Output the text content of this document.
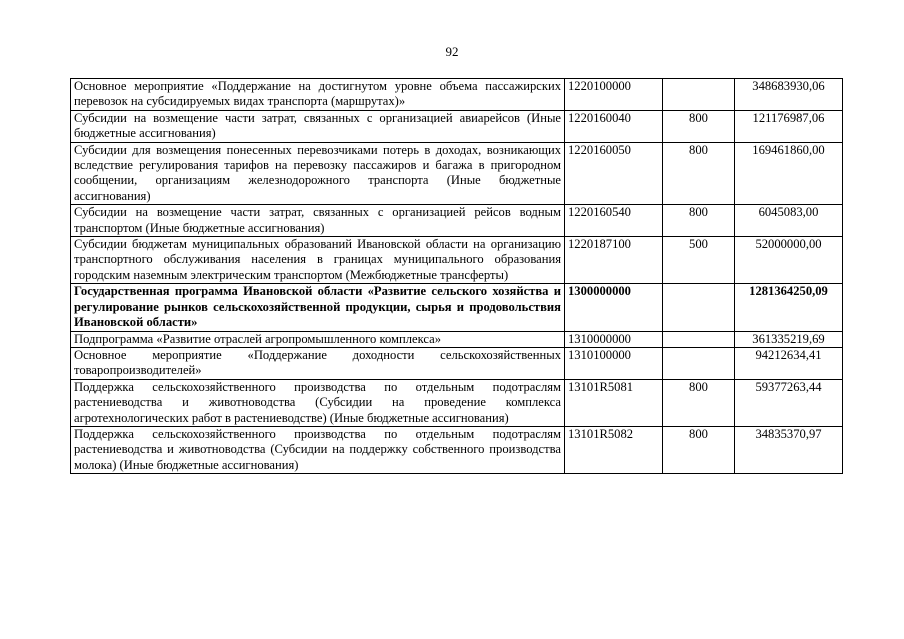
92
Основное мероприятие «Поддержание на достигнутом уровне объема пассажирских перевозок на субсидируемых видах транспорта (маршрутах)»	1220100000		348683930,06
Субсидии на возмещение части затрат, связанных с организацией авиарейсов (Иные бюджетные ассигнования)	1220160040	800	121176987,06
Субсидии для возмещения понесенных перевозчиками потерь в доходах, возникающих вследствие регулирования тарифов на перевозку пассажиров и багажа в пригородном сообщении, организациям железнодорожного транспорта (Иные бюджетные ассигнования)	1220160050	800	169461860,00
Субсидии на возмещение части затрат, связанных с организацией рейсов водным транспортом (Иные бюджетные ассигнования)	1220160540	800	6045083,00
Субсидии бюджетам муниципальных образований Ивановской области на организацию транспортного обслуживания населения в границах муниципального образования городским наземным электрическим транспортом (Межбюджетные трансферты)	1220187100	500	52000000,00
Государственная программа Ивановской области «Развитие сельского хозяйства и регулирование рынков сельскохозяйственной продукции, сырья и продовольствия Ивановской области»	1300000000		1281364250,09
Подпрограмма «Развитие отраслей агропромышленного комплекса»	1310000000		361335219,69
Основное мероприятие «Поддержание доходности сельскохозяйственных товаропроизводителей»	1310100000		94212634,41
Поддержка сельскохозяйственного производства по отдельным подотраслям растениеводства и животноводства (Субсидии на проведение комплекса агротехнологических работ в растениеводстве) (Иные бюджетные ассигнования)	13101R5081	800	59377263,44
Поддержка сельскохозяйственного производства по отдельным подотраслям растениеводства и животноводства (Субсидии на поддержку собственного производства молока) (Иные бюджетные ассигнования)	13101R5082	800	34835370,97
